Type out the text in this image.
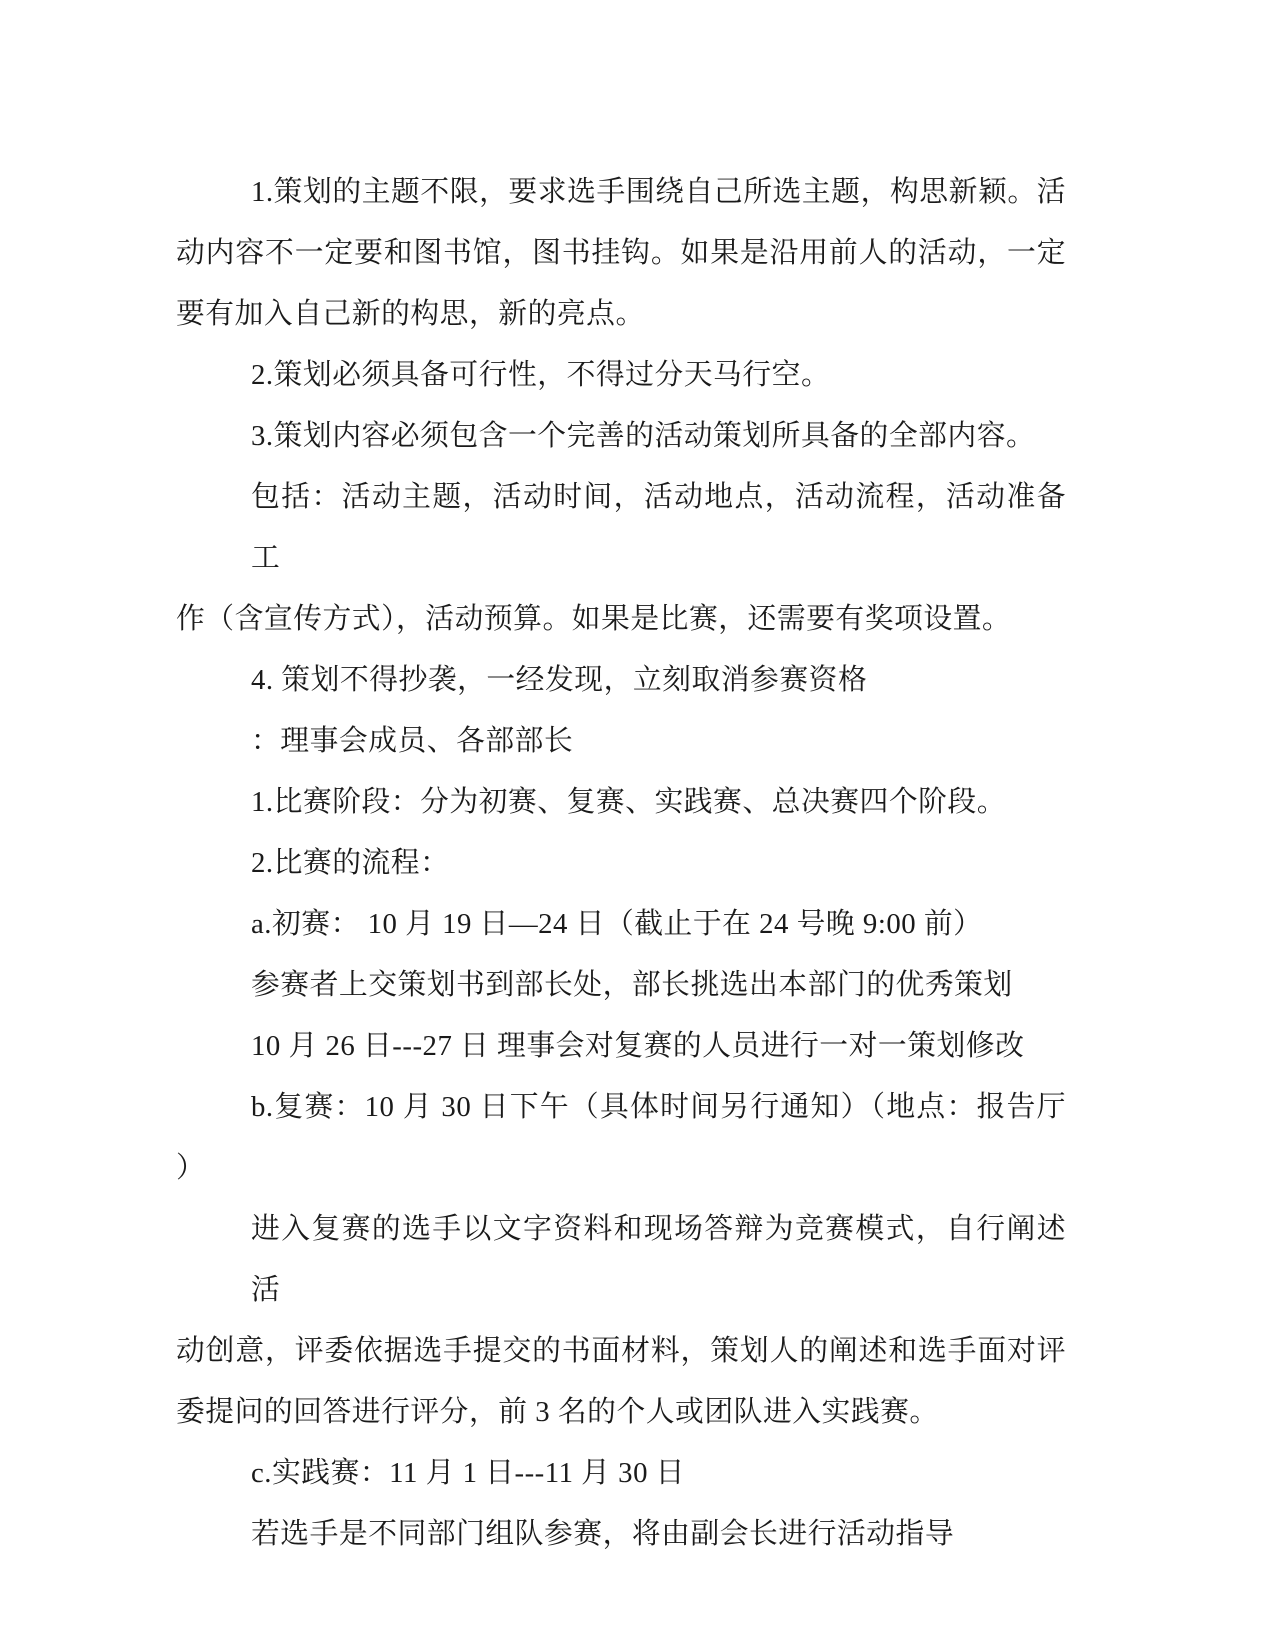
1.策划的主题不限，要求选手围绕自己所选主题，构思新颖。活
动内容不一定要和图书馆，图书挂钩。如果是沿用前人的活动，一定
要有加入自己新的构思，新的亮点。
2.策划必须具备可行性，不得过分天马行空。
3.策划内容必须包含一个完善的活动策划所具备的全部内容。
包括：活动主题，活动时间，活动地点，活动流程，活动准备工
作（含宣传方式），活动预算。如果是比赛，还需要有奖项设置。
4. 策划不得抄袭，一经发现，立刻取消参赛资格
：理事会成员、各部部长
1.比赛阶段：分为初赛、复赛、实践赛、总决赛四个阶段。
2.比赛的流程：
a.初赛： 10 月 19 日—24 日（截止于在 24 号晚 9:00 前）
参赛者上交策划书到部长处，部长挑选出本部门的优秀策划
10 月 26 日---27 日 理事会对复赛的人员进行一对一策划修改
b.复赛：10 月 30 日下午（具体时间另行通知）（地点：报告厅
）
进入复赛的选手以文字资料和现场答辩为竞赛模式，自行阐述活
动创意，评委依据选手提交的书面材料，策划人的阐述和选手面对评
委提问的回答进行评分，前 3 名的个人或团队进入实践赛。
c.实践赛：11 月 1 日---11 月 30 日
若选手是不同部门组队参赛，将由副会长进行活动指导
